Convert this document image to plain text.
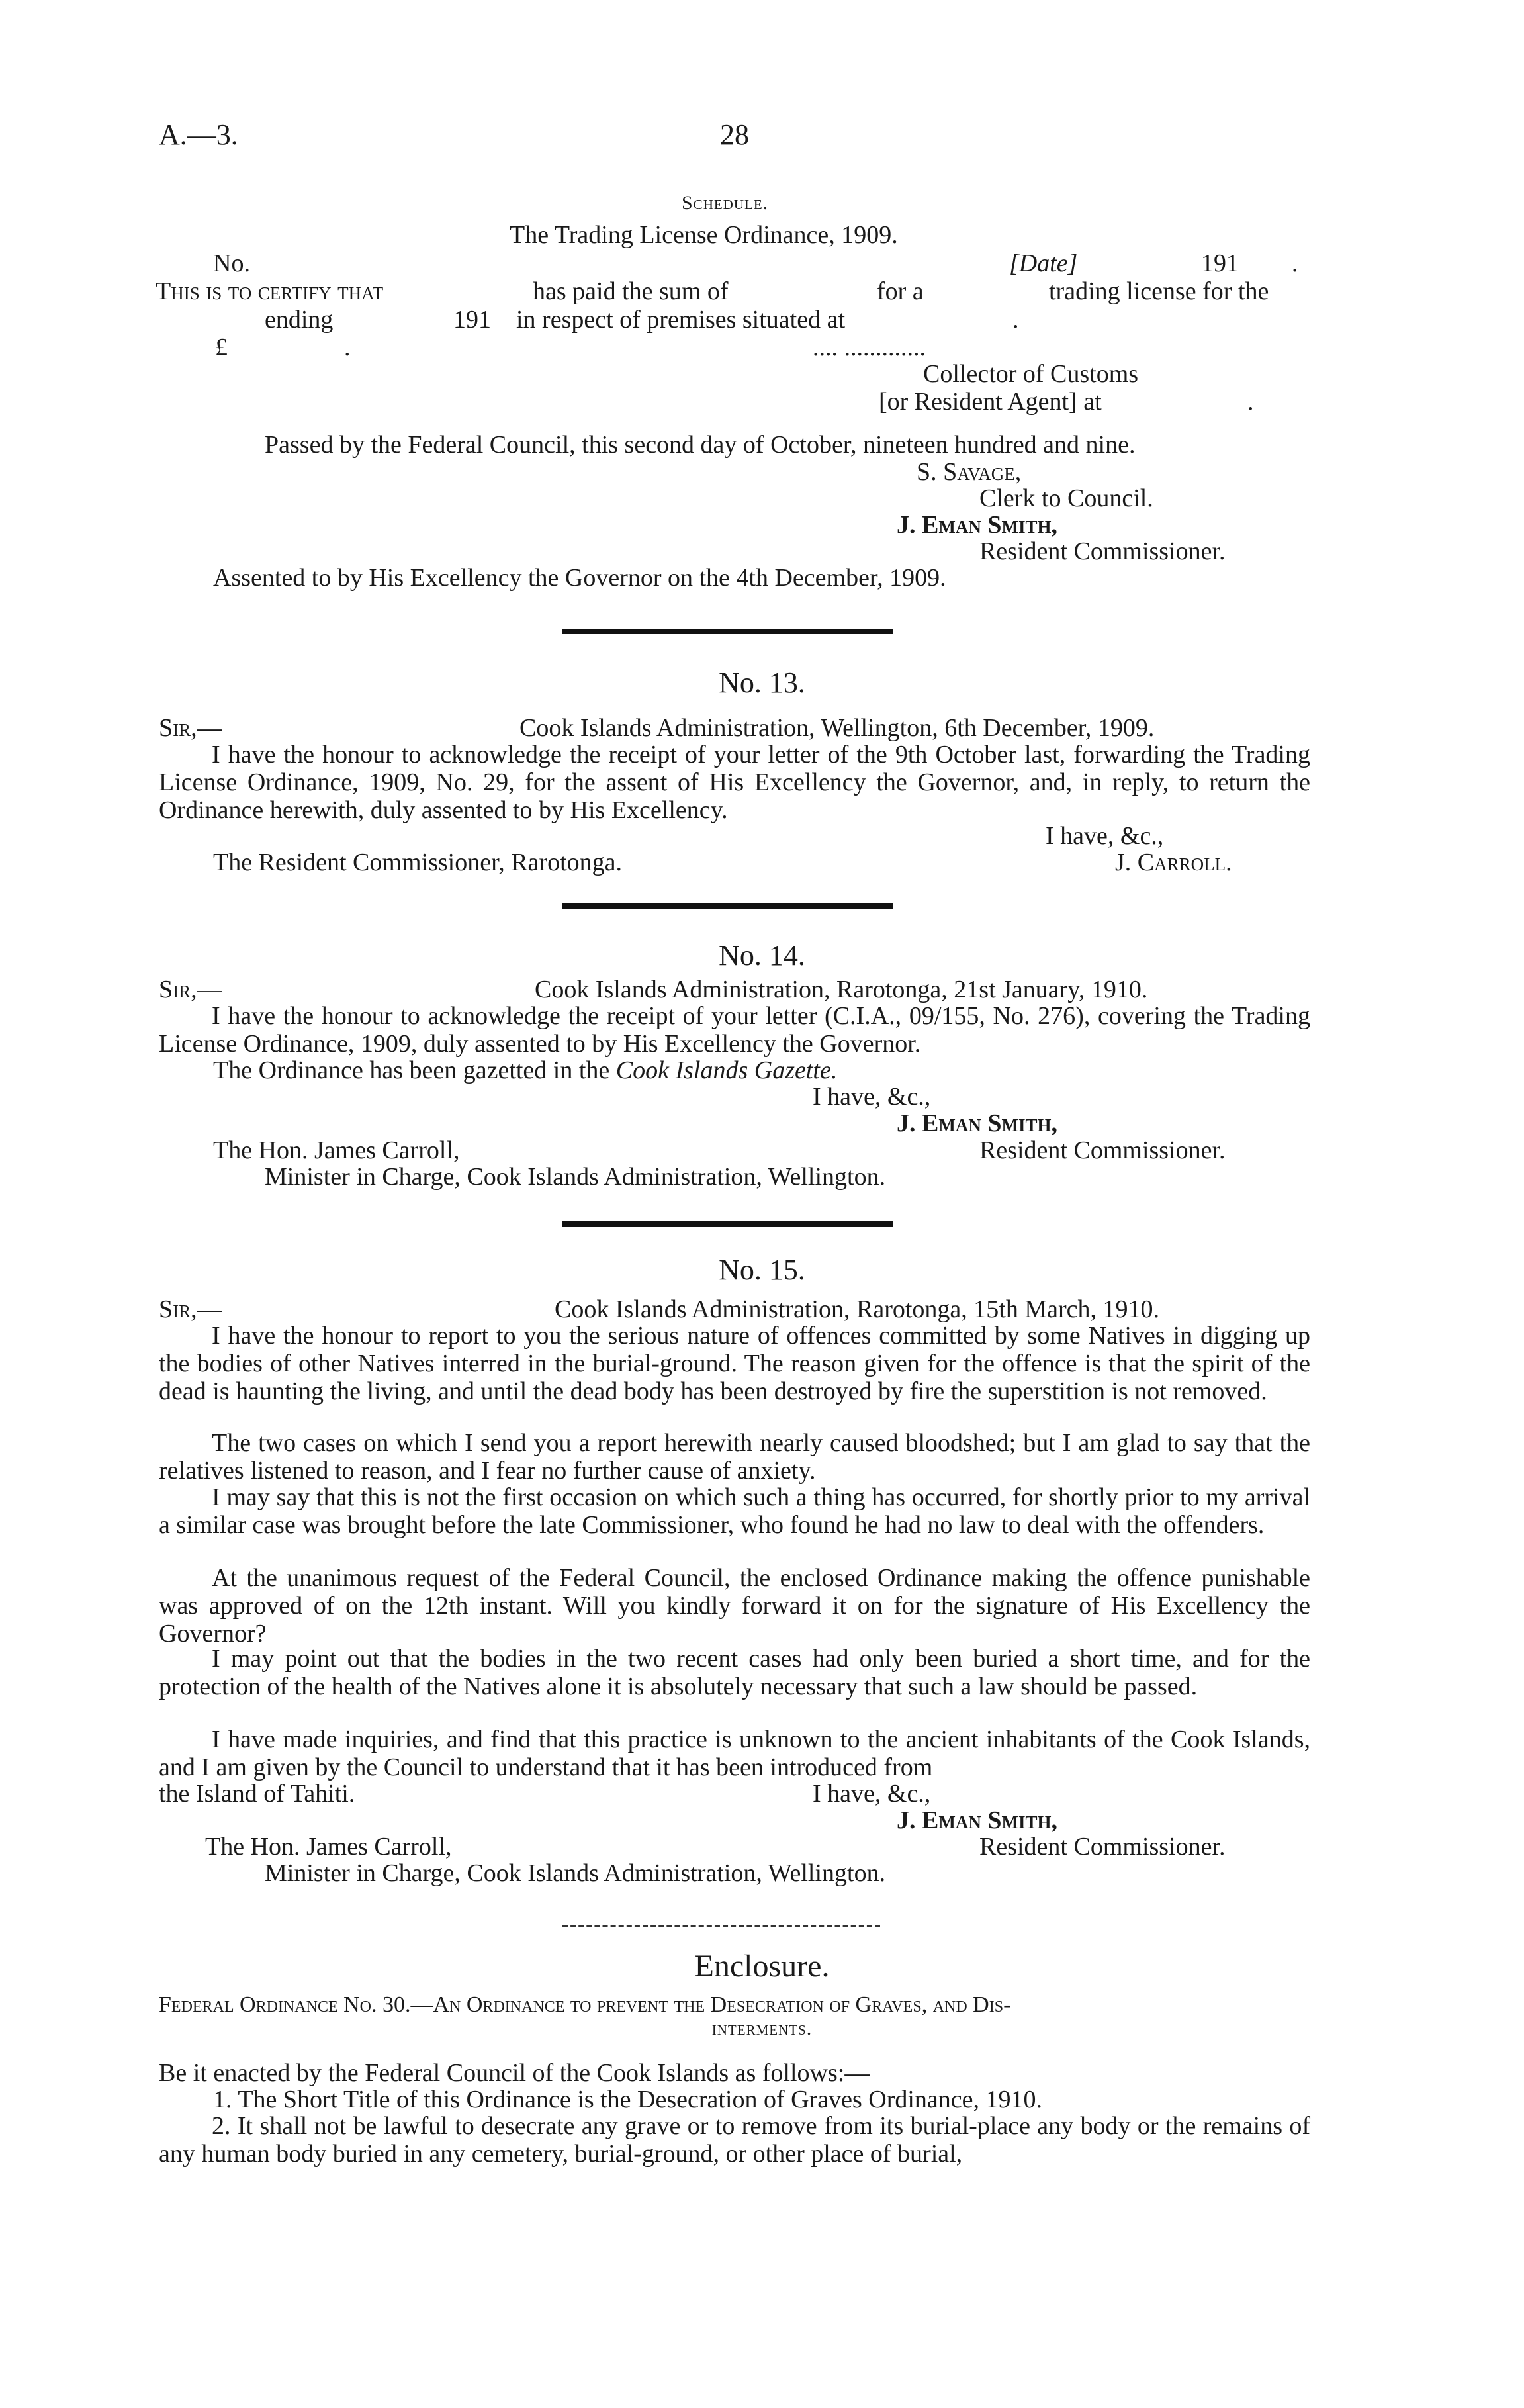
A.—3.	28
Schedule.
The Trading License Ordinance, 1909.
No.	[Date]	191 .
This is to certify that	has paid the sum of	for a	trading license for the
ending	191 in respect of premises situated at	.
£	.	.... .............
Collector of Customs
[or Resident Agent] at	.
Passed by the Federal Council, this second day of October, nineteen hundred and nine.
S. Savage,
Clerk to Council.
J. Eman Smith,
Resident Commissioner.
Assented to by His Excellency the Governor on the 4th December, 1909.
No. 13.
Sir,—	Cook Islands Administration, Wellington, 6th December, 1909.
I have the honour to acknowledge the receipt of your letter of the 9th October last, forwarding the Trading License Ordinance, 1909, No. 29, for the assent of His Excellency the Governor, and, in reply, to return the Ordinance herewith, duly assented to by His Excellency.
I have, &c.,
The Resident Commissioner, Rarotonga.	J. Carroll.
No. 14.
Sir,—	Cook Islands Administration, Rarotonga, 21st January, 1910.
I have the honour to acknowledge the receipt of your letter (C.I.A., 09/155, No. 276), covering the Trading License Ordinance, 1909, duly assented to by His Excellency the Governor.
The Ordinance has been gazetted in the Cook Islands Gazette.
I have, &c.,
J. Eman Smith,
The Hon. James Carroll,	Resident Commissioner.
Minister in Charge, Cook Islands Administration, Wellington.
No. 15.
Sir,—	Cook Islands Administration, Rarotonga, 15th March, 1910.
I have the honour to report to you the serious nature of offences committed by some Natives in digging up the bodies of other Natives interred in the burial-ground. The reason given for the offence is that the spirit of the dead is haunting the living, and until the dead body has been destroyed by fire the superstition is not removed.
The two cases on which I send you a report herewith nearly caused bloodshed; but I am glad to say that the relatives listened to reason, and I fear no further cause of anxiety.
I may say that this is not the first occasion on which such a thing has occurred, for shortly prior to my arrival a similar case was brought before the late Commissioner, who found he had no law to deal with the offenders.
At the unanimous request of the Federal Council, the enclosed Ordinance making the offence punishable was approved of on the 12th instant. Will you kindly forward it on for the signature of His Excellency the Governor?
I may point out that the bodies in the two recent cases had only been buried a short time, and for the protection of the health of the Natives alone it is absolutely necessary that such a law should be passed.
I have made inquiries, and find that this practice is unknown to the ancient inhabitants of the Cook Islands, and I am given by the Council to understand that it has been introduced from
the Island of Tahiti.	I have, &c.,
J. Eman Smith,
The Hon. James Carroll,	Resident Commissioner.
Minister in Charge, Cook Islands Administration, Wellington.
Enclosure.
Federal Ordinance No. 30.—An Ordinance to prevent the Desecration of Graves, and Dis-
interments.
Be it enacted by the Federal Council of the Cook Islands as follows:—
1. The Short Title of this Ordinance is the Desecration of Graves Ordinance, 1910.
2. It shall not be lawful to desecrate any grave or to remove from its burial-place any body or the remains of any human body buried in any cemetery, burial-ground, or other place of burial,
